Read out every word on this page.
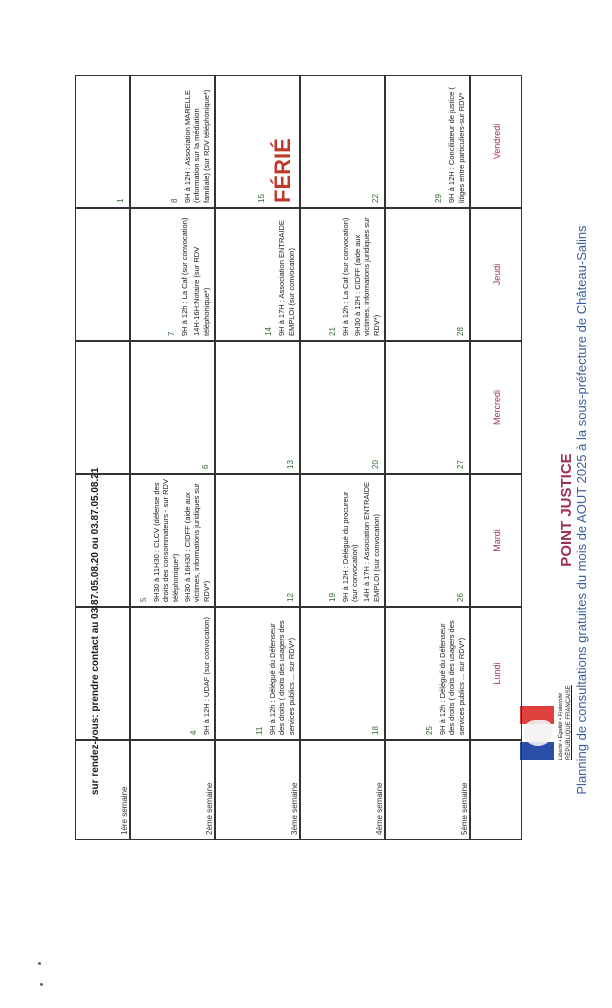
Liberté • Égalité • Fraternité RÉPUBLIQUE FRANÇAISE
POINT JUSTICE Planning de consultations gratuites du mois de AOUT 2025 à la sous-préfecture de Château-Salins
sur rendez-vous: prendre contact au 03.87.05.08.20 ou 03.87.05.08.21	Lundi
Mardi
Mercredi
Jeudi
Vendredi
1ère semaine
1
2ème semaine
4 9H à 12H : UDAF (sur convocation)
5 9H30 à 11H30 : CLCV (défense des droits des consommateurs - sur RDV téléphonique*) 9H30 à 16H30 : CIDFF (aide aux victimes, informations juridiques sur RDV*)
6
7 9H à 12h : La Caf (sur convocation) 14H-16H:Notaire (sur RDV téléphonique*)
8 9H à 12H : Association MARELLE (information sur la médiation familiale) (sur RDV téléphonique*)
3ème semaine
11 9H à 12h : Délégué du Défenseur des droits ( droits des usagers des services publics ... sur RDV*)
12
13
14 9H à 17H : Association ENTRAIDE EMPLOI (sur convocation)
15 FÉRIÉ
4ème semaine
18
19 9H à 12H : Délégué du procureur (sur convocation) 14H à 17H : Association ENTRAIDE EMPLOI (sur convocation)
20
21 9H à 12h : La Caf (sur convocation) 9H30 à 12H : CIDFF (aide aux victimes, informations juridiques sur RDV*)
22
5ème semaine
25 9H à 12h : Délégué du Défenseur des droits ( droits des usagers des services publics ... sur RDV*)
26
27
28
29 9H à 12H : Conciliateur de justice ( litiges entre particuliers-sur RDV*
